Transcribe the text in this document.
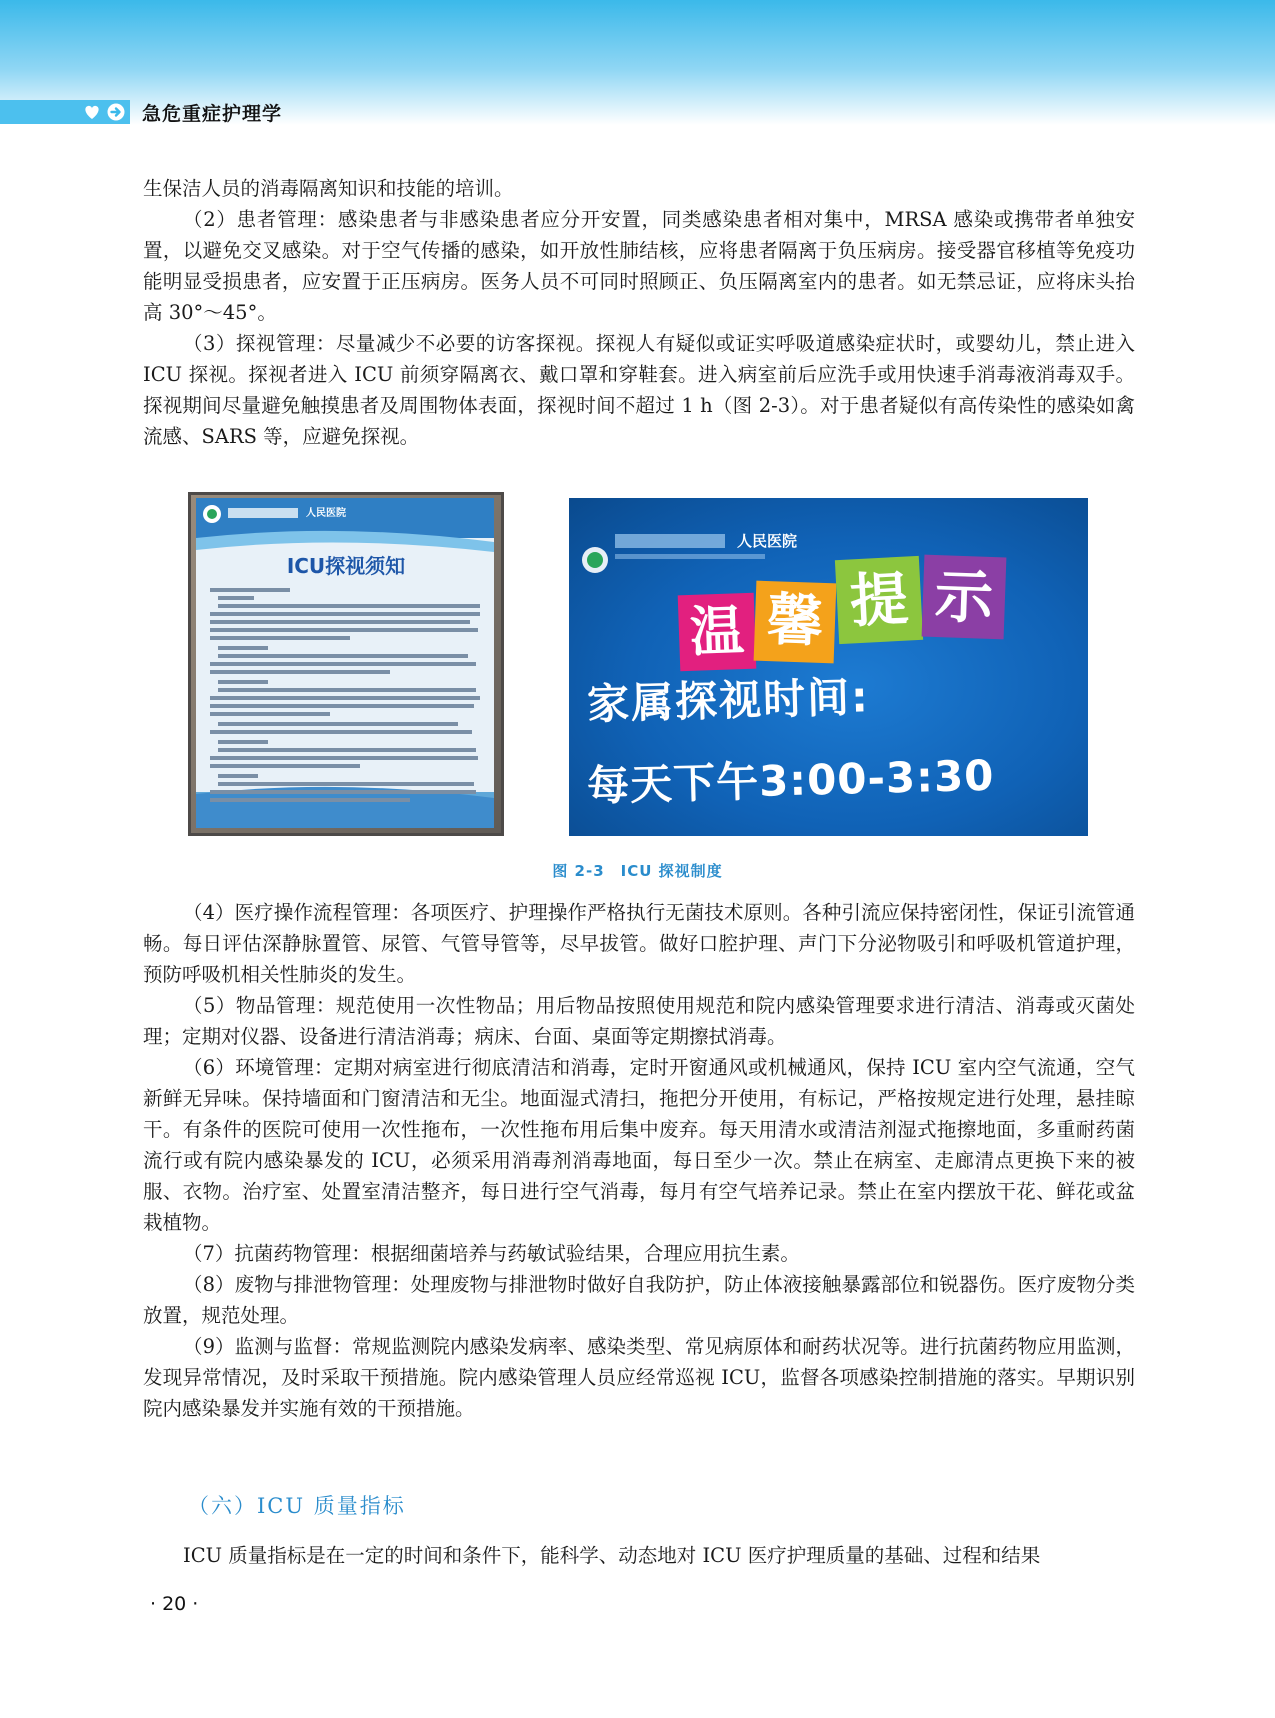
急危重症护理学

生保洁人员的消毒隔离知识和技能的培训。

（2）患者管理：感染患者与非感染患者应分开安置，同类感染患者相对集中，MRSA 感染或携带者单独安置，以避免交叉感染。对于空气传播的感染，如开放性肺结核，应将患者隔离于负压病房。接受器官移植等免疫功能明显受损患者，应安置于正压病房。医务人员不可同时照顾正、负压隔离室内的患者。如无禁忌证，应将床头抬高 30°～45°。

（3）探视管理：尽量减少不必要的访客探视。探视人有疑似或证实呼吸道感染症状时，或婴幼儿，禁止进入 ICU 探视。探视者进入 ICU 前须穿隔离衣、戴口罩和穿鞋套。进入病室前后应洗手或用快速手消毒液消毒双手。探视期间尽量避免触摸患者及周围物体表面，探视时间不超过 1 h（图 2-3）。对于患者疑似有高传染性的感染如禽流感、SARS 等，应避免探视。

人民医院
ICU探视须知
人民医院
温 馨 提 示
家属探视时间:
每天下午3:00-3:30
图 2-3　ICU 探视制度

（4）医疗操作流程管理：各项医疗、护理操作严格执行无菌技术原则。各种引流应保持密闭性，保证引流管通畅。每日评估深静脉置管、尿管、气管导管等，尽早拔管。做好口腔护理、声门下分泌物吸引和呼吸机管道护理，预防呼吸机相关性肺炎的发生。

（5）物品管理：规范使用一次性物品；用后物品按照使用规范和院内感染管理要求进行清洁、消毒或灭菌处理；定期对仪器、设备进行清洁消毒；病床、台面、桌面等定期擦拭消毒。

（6）环境管理：定期对病室进行彻底清洁和消毒，定时开窗通风或机械通风，保持 ICU 室内空气流通，空气新鲜无异味。保持墙面和门窗清洁和无尘。地面湿式清扫，拖把分开使用，有标记，严格按规定进行处理，悬挂晾干。有条件的医院可使用一次性拖布，一次性拖布用后集中废弃。每天用清水或清洁剂湿式拖擦地面，多重耐药菌流行或有院内感染暴发的 ICU，必须采用消毒剂消毒地面，每日至少一次。禁止在病室、走廊清点更换下来的被服、衣物。治疗室、处置室清洁整齐，每日进行空气消毒，每月有空气培养记录。禁止在室内摆放干花、鲜花或盆栽植物。

（7）抗菌药物管理：根据细菌培养与药敏试验结果，合理应用抗生素。

（8）废物与排泄物管理：处理废物与排泄物时做好自我防护，防止体液接触暴露部位和锐器伤。医疗废物分类放置，规范处理。

（9）监测与监督：常规监测院内感染发病率、感染类型、常见病原体和耐药状况等。进行抗菌药物应用监测，发现异常情况，及时采取干预措施。院内感染管理人员应经常巡视 ICU，监督各项感染控制措施的落实。早期识别院内感染暴发并实施有效的干预措施。

（六）ICU 质量指标

ICU 质量指标是在一定的时间和条件下，能科学、动态地对 ICU 医疗护理质量的基础、过程和结果

· 20 ·
